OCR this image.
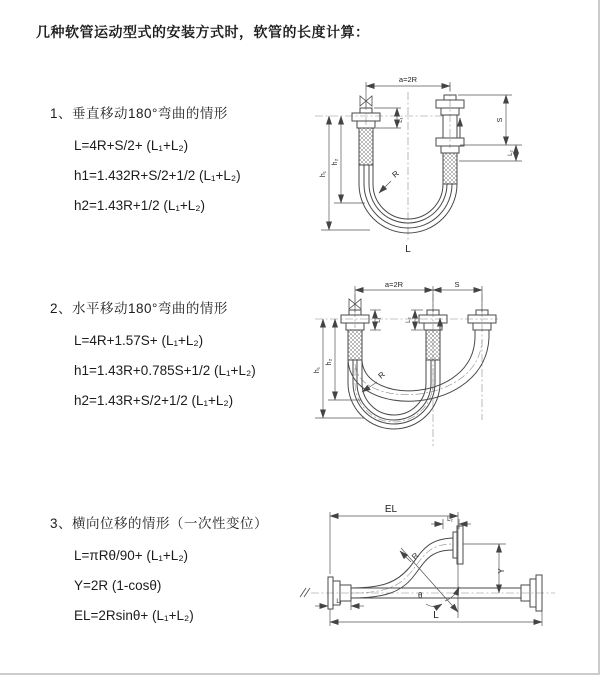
几种软管运动型式的安装方式时，软管的长度计算：
1、垂直移动180°弯曲的情形
L=4R+S/2+ (L₁+L₂)
h1=1.432R+S/2+1/2 (L₁+L₂)
h2=1.43R+1/2 (L₁+L₂)
2、水平移动180°弯曲的情形
L=4R+1.57S+ (L₁+L₂)
h1=1.43R+0.785S+1/2 (L₁+L₂)
h2=1.43R+S/2+1/2 (L₁+L₂)
3、横向位移的情形（一次性变位）
L=πRθ/90+ (L₁+L₂)
Y=2R (1-cosθ)
EL=2Rsinθ+ (L₁+L₂)
a=2R
h₁
h₂
L₁	S
L₂
R
L
a=2R	S
h₁
h₂
L₁	L₂
R
EL
L₂
Y
L
L₁
R
θ
